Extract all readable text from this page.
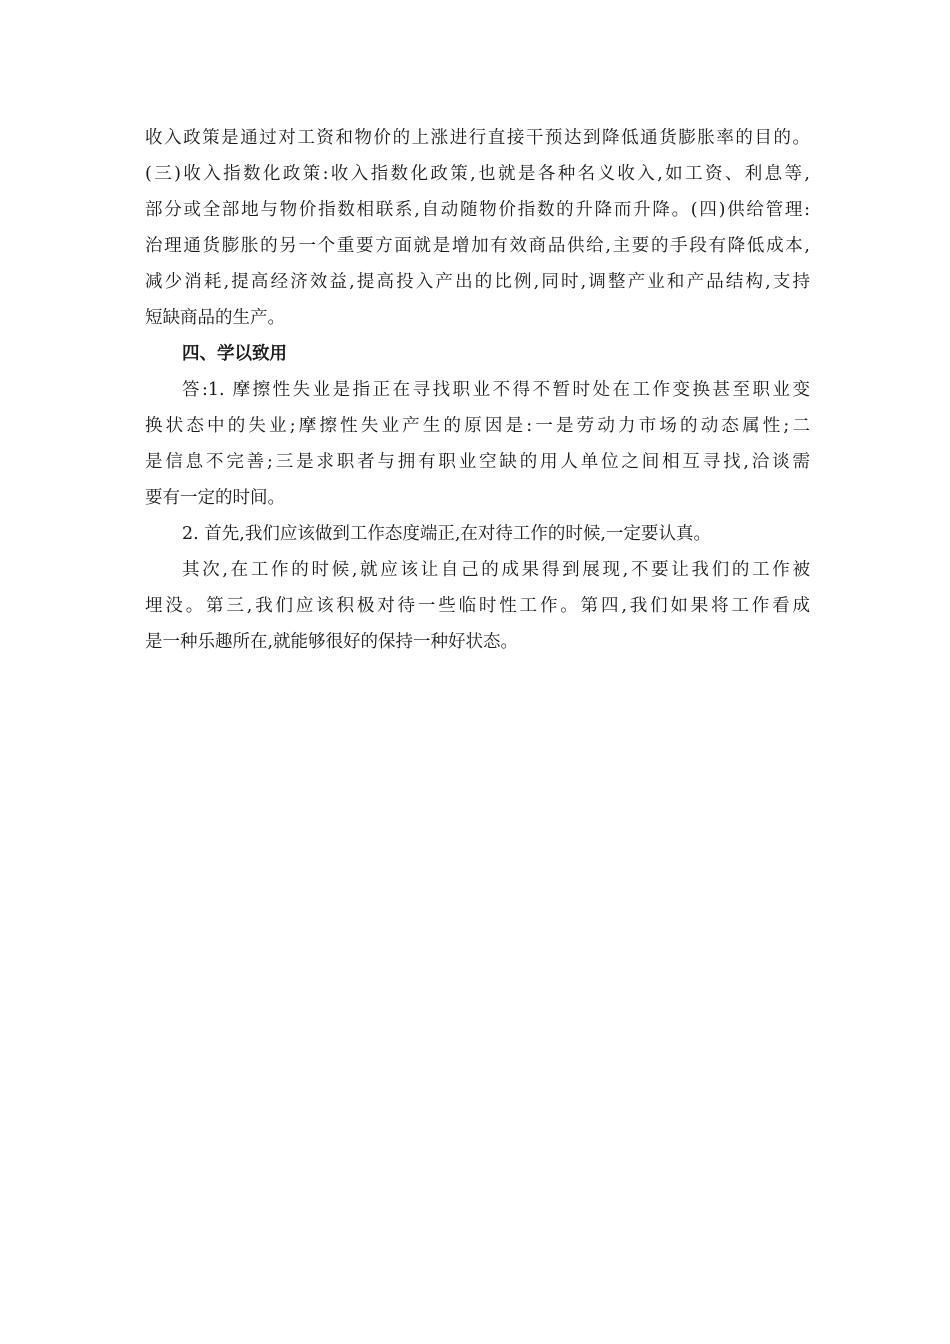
收入政策是通过对工资和物价的上涨进行直接干预达到降低通货膨胀率的目的。
(三)收入指数化政策:收入指数化政策,也就是各种名义收入,如工资、利息等,
部分或全部地与物价指数相联系,自动随物价指数的升降而升降。(四)供给管理:
治理通货膨胀的另一个重要方面就是增加有效商品供给,主要的手段有降低成本,
减少消耗,提高经济效益,提高投入产出的比例,同时,调整产业和产品结构,支持
短缺商品的生产。
四、学以致用
答:1. 摩擦性失业是指正在寻找职业不得不暂时处在工作变换甚至职业变
换状态中的失业;摩擦性失业产生的原因是:一是劳动力市场的动态属性;二
是信息不完善;三是求职者与拥有职业空缺的用人单位之间相互寻找,洽谈需
要有一定的时间。
2. 首先,我们应该做到工作态度端正,在对待工作的时候,一定要认真。
其次,在工作的时候,就应该让自己的成果得到展现,不要让我们的工作被
埋没。第三,我们应该积极对待一些临时性工作。第四,我们如果将工作看成
是一种乐趣所在,就能够很好的保持一种好状态。
